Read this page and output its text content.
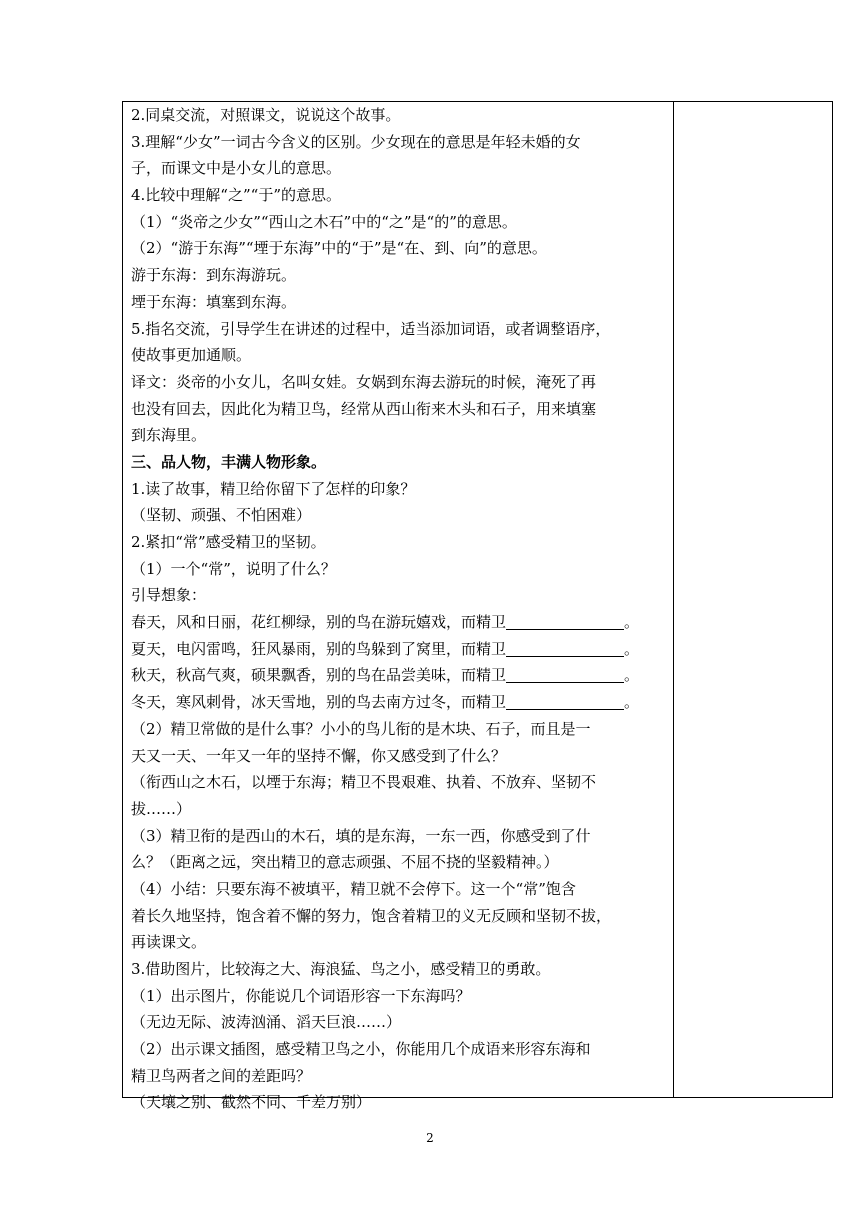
2.同桌交流，对照课文，说说这个故事。
3.理解“少女”一词古今含义的区别。少女现在的意思是年轻未婚的女
子，而课文中是小女儿的意思。
4.比较中理解“之”“于”的意思。
（1）“炎帝之少女”“西山之木石”中的“之”是“的”的意思。
（2）“游于东海”“堙于东海”中的“于”是“在、到、向”的意思。
游于东海：到东海游玩。
堙于东海：填塞到东海。
5.指名交流，引导学生在讲述的过程中，适当添加词语，或者调整语序，
使故事更加通顺。
译文：炎帝的小女儿，名叫女娃。女娲到东海去游玩的时候，淹死了再
也没有回去，因此化为精卫鸟，经常从西山衔来木头和石子，用来填塞
到东海里。
三、品人物，丰满人物形象。
1.读了故事，精卫给你留下了怎样的印象？
（坚韧、顽强、不怕困难）
2.紧扣“常”感受精卫的坚韧。
（1）一个“常”，说明了什么？
引导想象：
春天，风和日丽，花红柳绿，别的鸟在游玩嬉戏，而精卫	。
夏天，电闪雷鸣，狂风暴雨，别的鸟躲到了窝里，而精卫	。
秋天，秋高气爽，硕果飘香，别的鸟在品尝美味，而精卫	。
冬天，寒风刺骨，冰天雪地，别的鸟去南方过冬，而精卫	。
（2）精卫常做的是什么事？小小的鸟儿衔的是木块、石子，而且是一
天又一天、一年又一年的坚持不懈，你又感受到了什么？
（衔西山之木石，以堙于东海；精卫不畏艰难、执着、不放弃、坚韧不
拔……）
（3）精卫衔的是西山的木石，填的是东海，一东一西，你感受到了什
么？（距离之远，突出精卫的意志顽强、不屈不挠的坚毅精神。）
（4）小结：只要东海不被填平，精卫就不会停下。这一个“常”饱含
着长久地坚持，饱含着不懈的努力，饱含着精卫的义无反顾和坚韧不拔，
再读课文。
3.借助图片，比较海之大、海浪猛、鸟之小，感受精卫的勇敢。
（1）出示图片，你能说几个词语形容一下东海吗？
（无边无际、波涛汹涌、滔天巨浪……）
（2）出示课文插图，感受精卫鸟之小，你能用几个成语来形容东海和
精卫鸟两者之间的差距吗？
（天壤之别、截然不同、千差万别）
2
